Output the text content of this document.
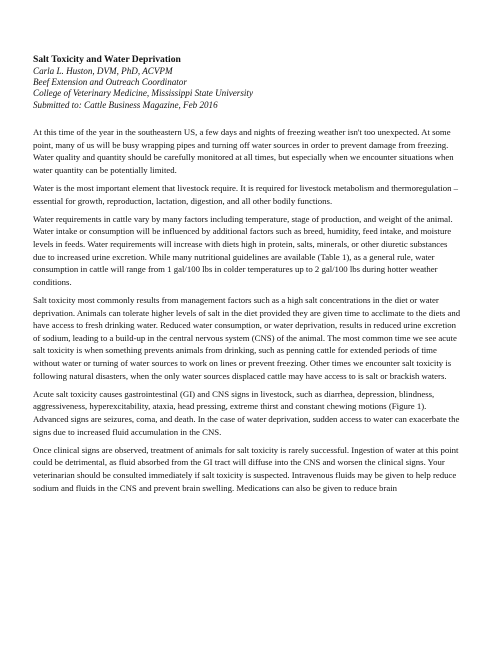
Salt Toxicity and Water Deprivation

Carla L. Huston, DVM, PhD, ACVPM

Beef Extension and Outreach Coordinator

College of Veterinary Medicine, Mississippi State University

Submitted to: Cattle Business Magazine, Feb 2016

At this time of the year in the southeastern US, a few days and nights of freezing weather isn't too unexpected. At some point, many of us will be busy wrapping pipes and turning off water sources in order to prevent damage from freezing. Water quality and quantity should be carefully monitored at all times, but especially when we encounter situations when water quantity can be potentially limited.

Water is the most important element that livestock require. It is required for livestock metabolism and thermoregulation – essential for growth, reproduction, lactation, digestion, and all other bodily functions.

Water requirements in cattle vary by many factors including temperature, stage of production, and weight of the animal. Water intake or consumption will be influenced by additional factors such as breed, humidity, feed intake, and moisture levels in feeds. Water requirements will increase with diets high in protein, salts, minerals, or other diuretic substances due to increased urine excretion. While many nutritional guidelines are available (Table 1), as a general rule, water consumption in cattle will range from 1 gal/100 lbs in colder temperatures up to 2 gal/100 lbs during hotter weather conditions.

Salt toxicity most commonly results from management factors such as a high salt concentrations in the diet or water deprivation. Animals can tolerate higher levels of salt in the diet provided they are given time to acclimate to the diets and have access to fresh drinking water. Reduced water consumption, or water deprivation, results in reduced urine excretion of sodium, leading to a build-up in the central nervous system (CNS) of the animal. The most common time we see acute salt toxicity is when something prevents animals from drinking, such as penning cattle for extended periods of time without water or turning of water sources to work on lines or prevent freezing. Other times we encounter salt toxicity is following natural disasters, when the only water sources displaced cattle may have access to is salt or brackish waters.

Acute salt toxicity causes gastrointestinal (GI) and CNS signs in livestock, such as diarrhea, depression, blindness, aggressiveness, hyperexcitability, ataxia, head pressing, extreme thirst and constant chewing motions (Figure 1). Advanced signs are seizures, coma, and death. In the case of water deprivation, sudden access to water can exacerbate the signs due to increased fluid accumulation in the CNS.

Once clinical signs are observed, treatment of animals for salt toxicity is rarely successful. Ingestion of water at this point could be detrimental, as fluid absorbed from the GI tract will diffuse into the CNS and worsen the clinical signs. Your veterinarian should be consulted immediately if salt toxicity is suspected. Intravenous fluids may be given to help reduce sodium and fluids in the CNS and prevent brain swelling. Medications can also be given to reduce brain
